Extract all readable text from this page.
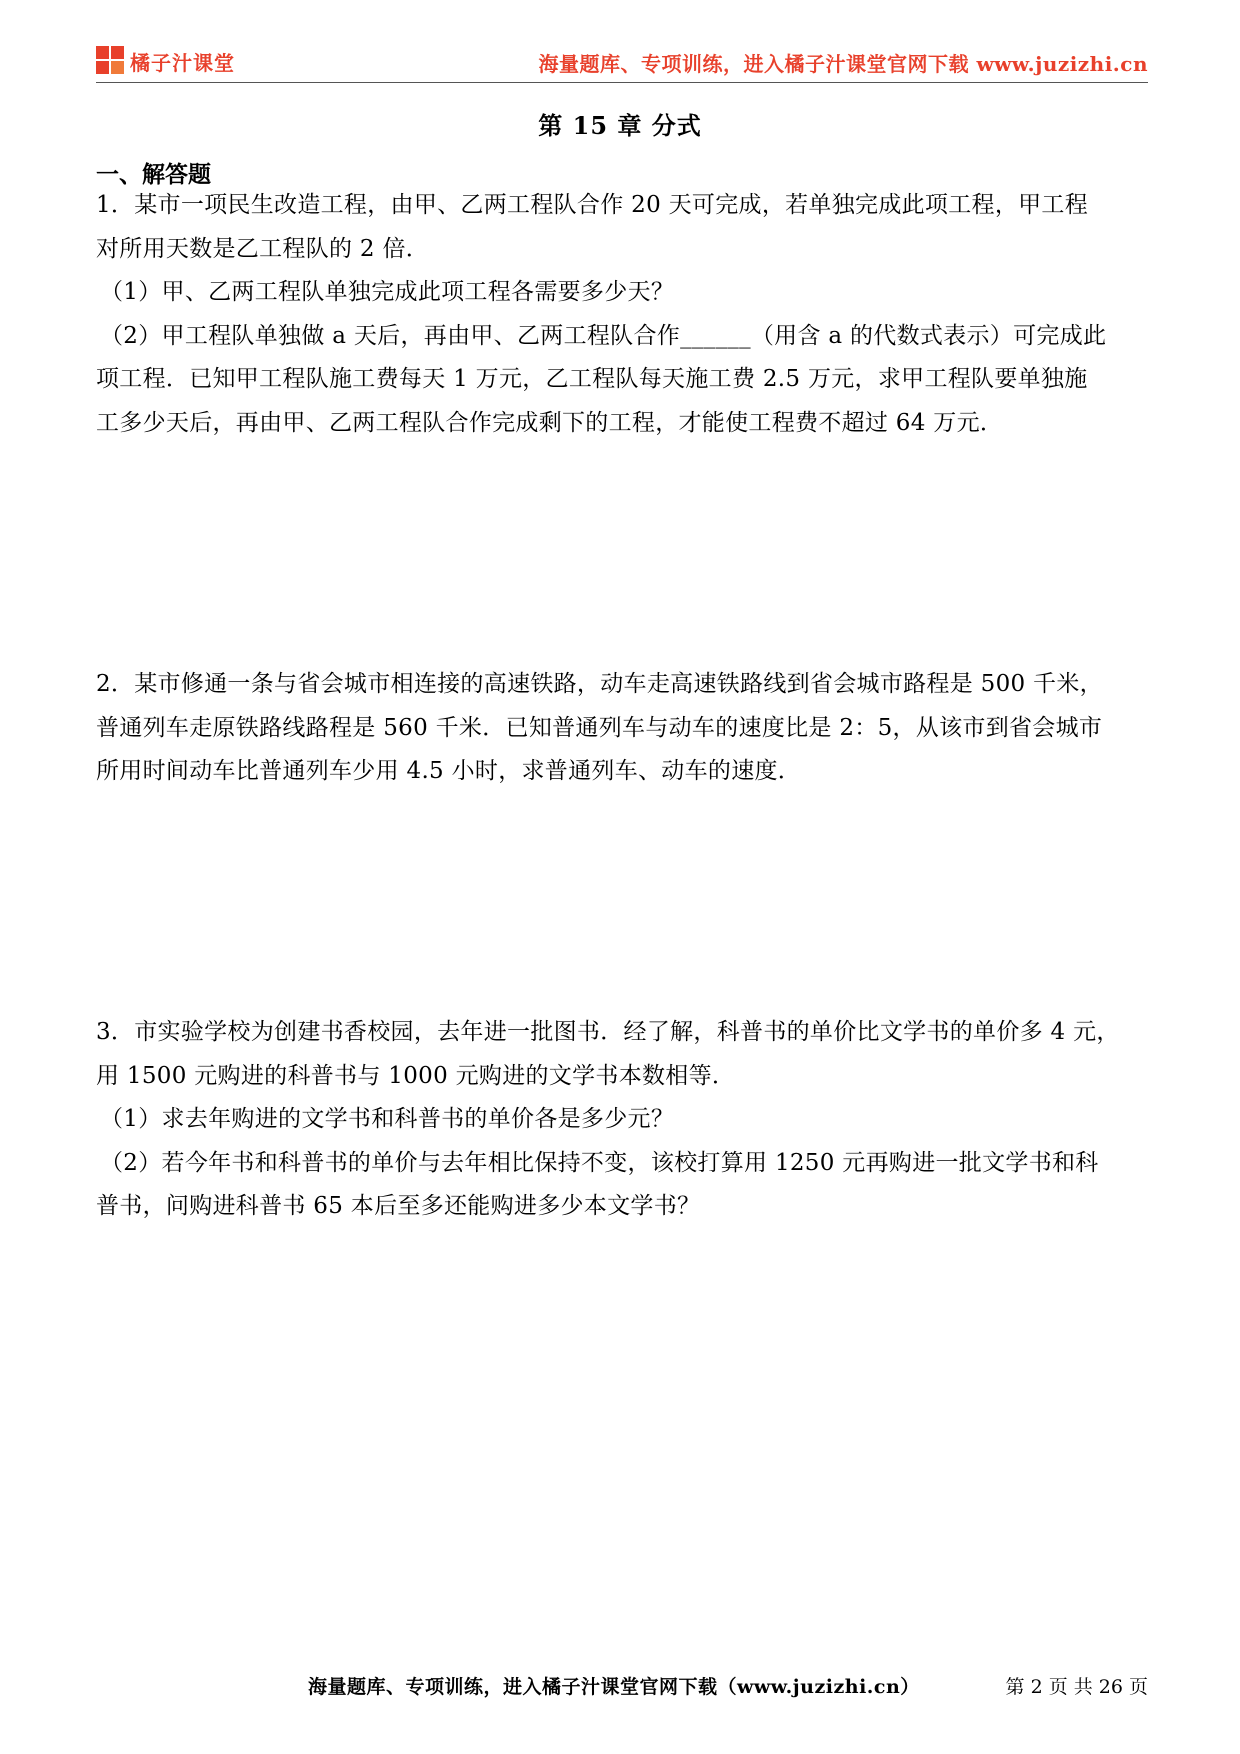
橘子汁课堂	海量题库、专项训练，进入橘子汁课堂官网下载 www.juzizhi.cn
第 15 章 分式
一、解答题
1．某市一项民生改造工程，由甲、乙两工程队合作 20 天可完成，若单独完成此项工程，甲工程
对所用天数是乙工程队的 2 倍．
（1）甲、乙两工程队单独完成此项工程各需要多少天？
（2）甲工程队单独做 a 天后，再由甲、乙两工程队合作______（用含 a 的代数式表示）可完成此
项工程．已知甲工程队施工费每天 1 万元，乙工程队每天施工费 2.5 万元，求甲工程队要单独施
工多少天后，再由甲、乙两工程队合作完成剩下的工程，才能使工程费不超过 64 万元．
2．某市修通一条与省会城市相连接的高速铁路，动车走高速铁路线到省会城市路程是 500 千米，
普通列车走原铁路线路程是 560 千米．已知普通列车与动车的速度比是 2：5，从该市到省会城市
所用时间动车比普通列车少用 4.5 小时，求普通列车、动车的速度．
3．市实验学校为创建书香校园，去年进一批图书．经了解，科普书的单价比文学书的单价多 4 元，
用 1500 元购进的科普书与 1000 元购进的文学书本数相等．
（1）求去年购进的文学书和科普书的单价各是多少元？
（2）若今年书和科普书的单价与去年相比保持不变，该校打算用 1250 元再购进一批文学书和科
普书，问购进科普书 65 本后至多还能购进多少本文学书？
海量题库、专项训练，进入橘子汁课堂官网下载（www.juzizhi.cn）	第 2 页 共 26 页
